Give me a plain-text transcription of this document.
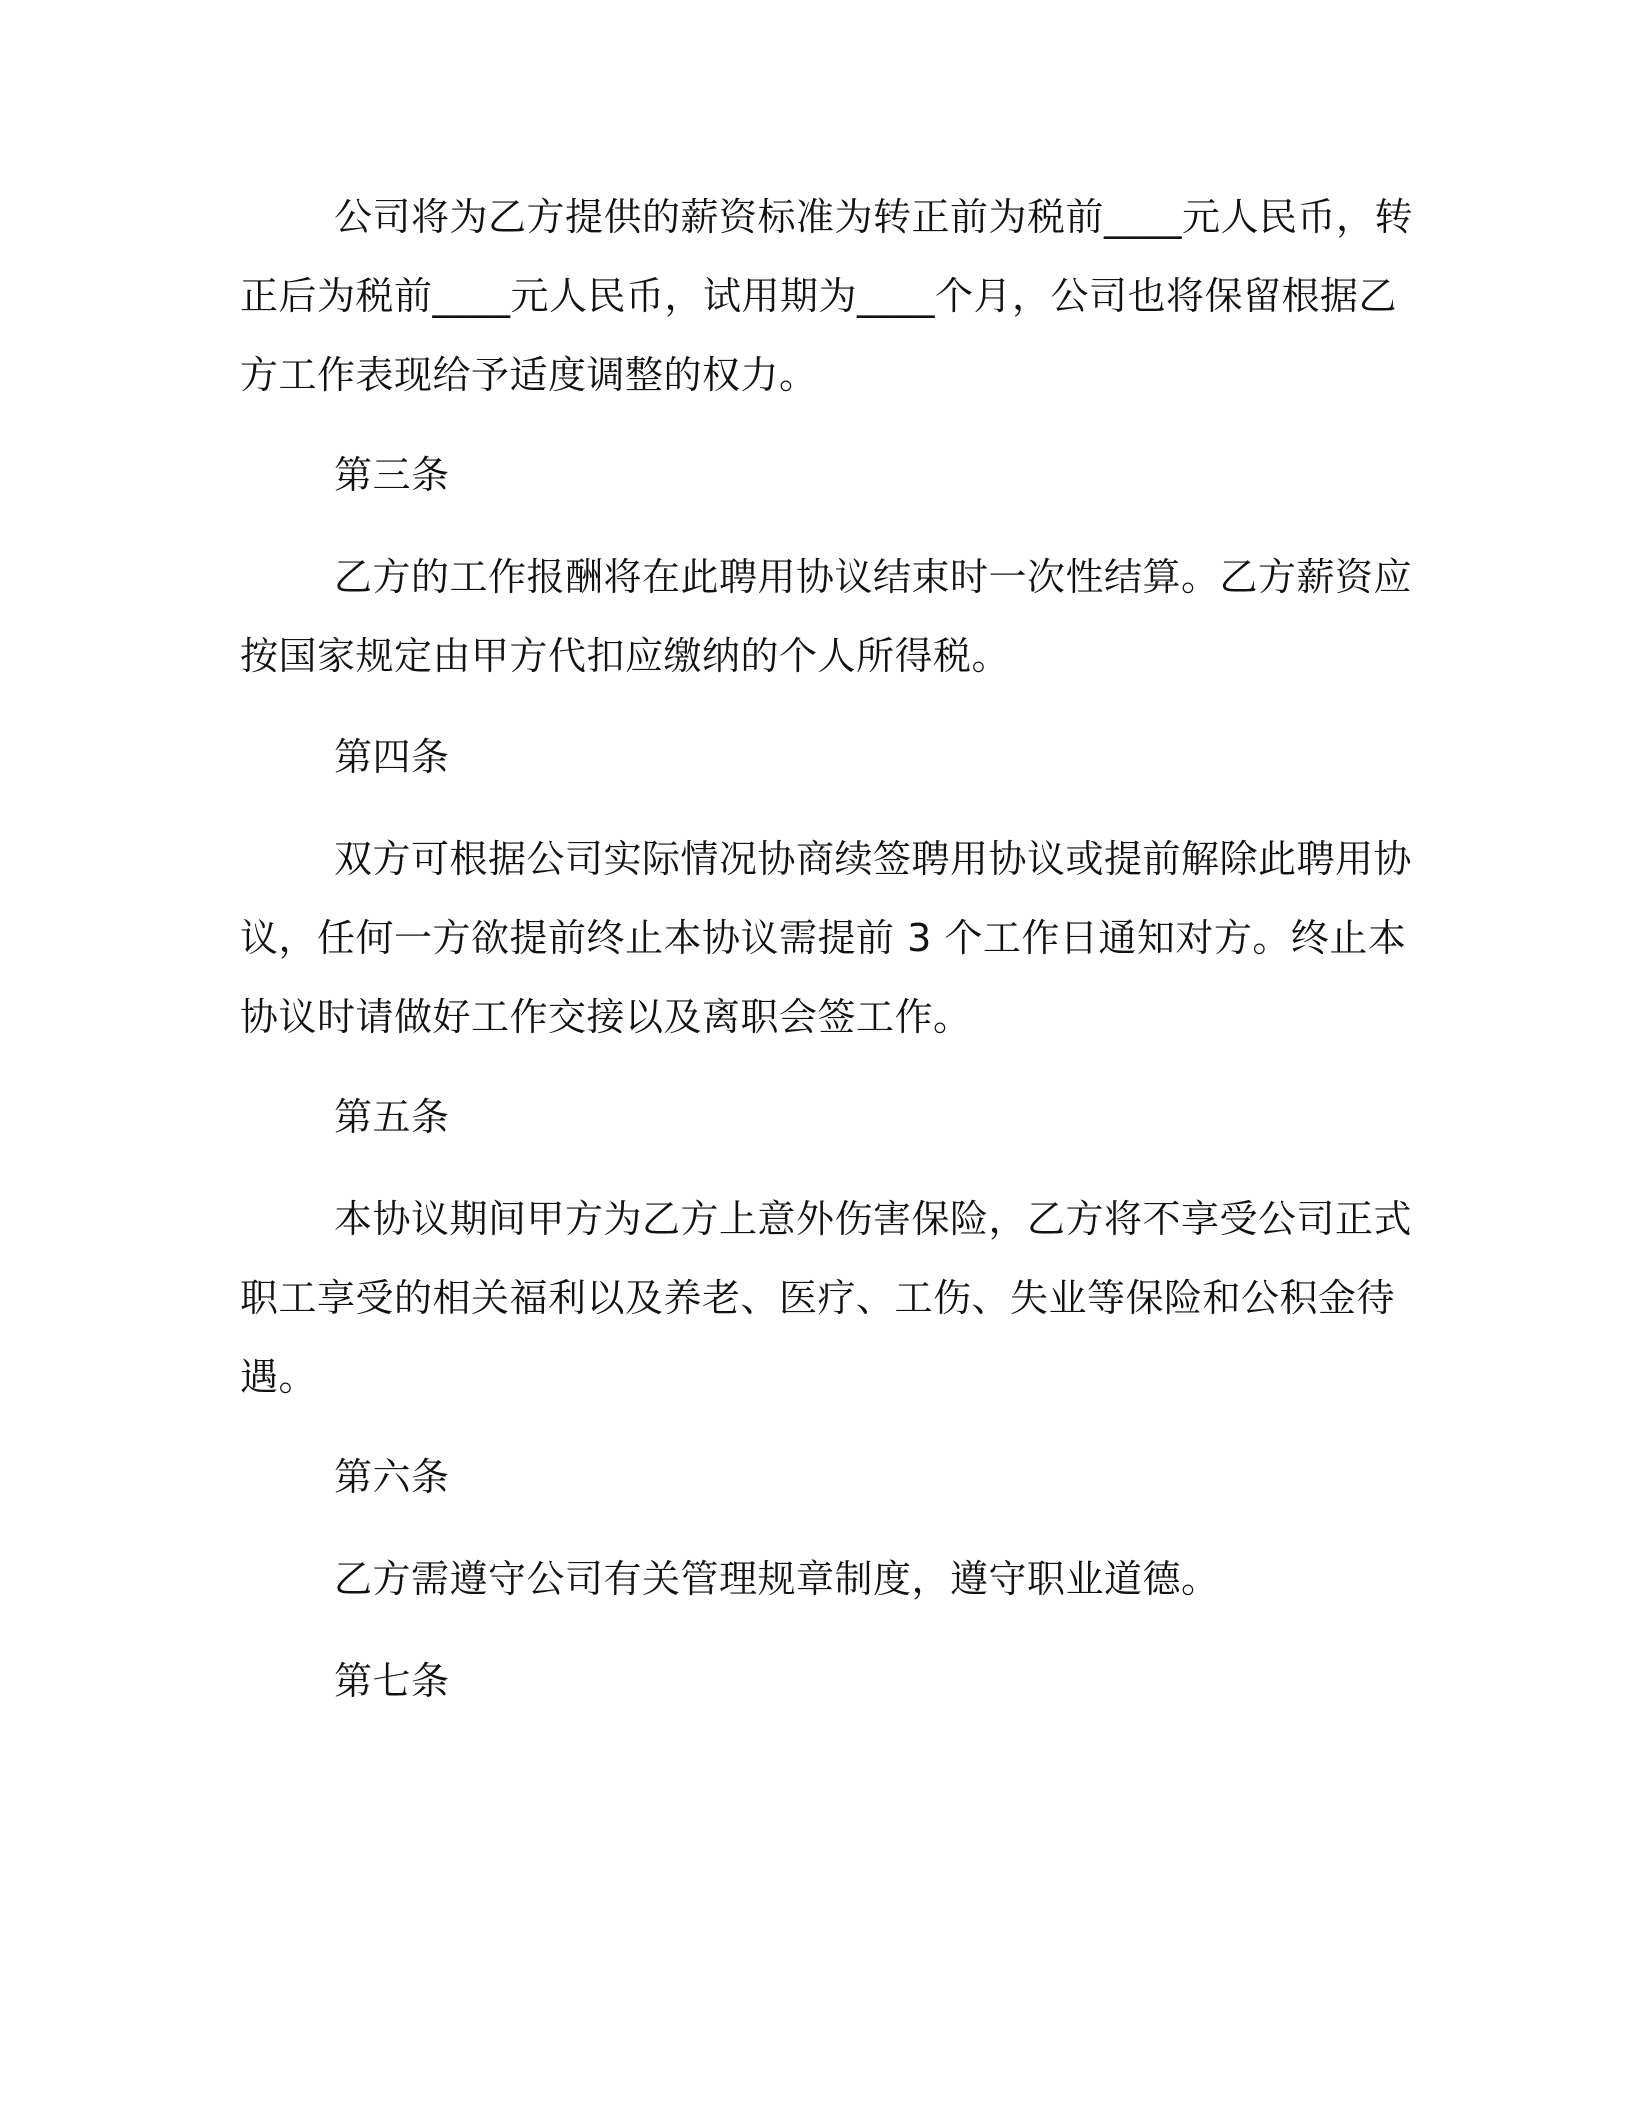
公司将为乙方提供的薪资标准为转正前为税前____元人民币，转

正后为税前____元人民币，试用期为____个月，公司也将保留根据乙

方工作表现给予适度调整的权力。

第三条

乙方的工作报酬将在此聘用协议结束时一次性结算。乙方薪资应

按国家规定由甲方代扣应缴纳的个人所得税。

第四条

双方可根据公司实际情况协商续签聘用协议或提前解除此聘用协

议，任何一方欲提前终止本协议需提前 3 个工作日通知对方。终止本

协议时请做好工作交接以及离职会签工作。

第五条

本协议期间甲方为乙方上意外伤害保险，乙方将不享受公司正式

职工享受的相关福利以及养老、医疗、工伤、失业等保险和公积金待

遇。

第六条

乙方需遵守公司有关管理规章制度，遵守职业道德。

第七条
